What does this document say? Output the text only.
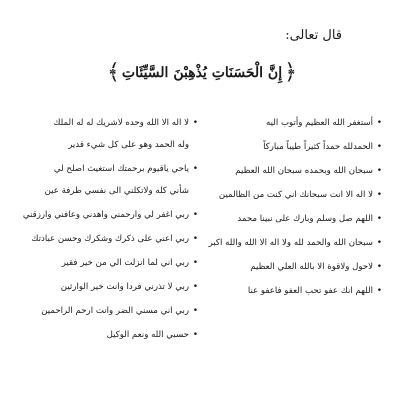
قال تعالى:
﴿
إِنَّ الْحَسَنَاتِ يُذْهِبْنَ السَّيِّئَاتِ
﴾
•
أستغفر الله العظيم وأتوب اليه
•
الحمدلله حمداً كثيراً طيباً مباركاً
•
سبحان الله وبحمده سبحان الله العظيم
•
لا اله الا انت سبحانك اني كنت من الظالمين
•
اللهم صل وسلم وبارك على نبينا محمد
•
سبحان الله والحمد لله ولا اله الا الله والله اكبر
•
لاحول ولاقوة الا بالله العلي العظيم
•
اللهم انك عفو تحب العفو فاعفو عنا
•
لا اله الا الله وحده لاشريك له له الملك
وله الحمد وهو على كل شيء قدير
•
ياحي ياقيوم برحمتك استغيث اصلح لي
شأني كله ولاتكلني الى نفسي طرفة عين
•
ربي اغفر لي وارحمني واهدني وعافني وارزقني
•
ربي اعني على ذكرك وشكرك وحسن عبادتك
•
ربي اني لما انزلت الي من خير فقير
•
ربي لا تذرني فردا وانت خير الوارثين
•
ربي اني مسني الضر وانت ارحم الراحمين
•
حسبي الله ونعم الوكيل
